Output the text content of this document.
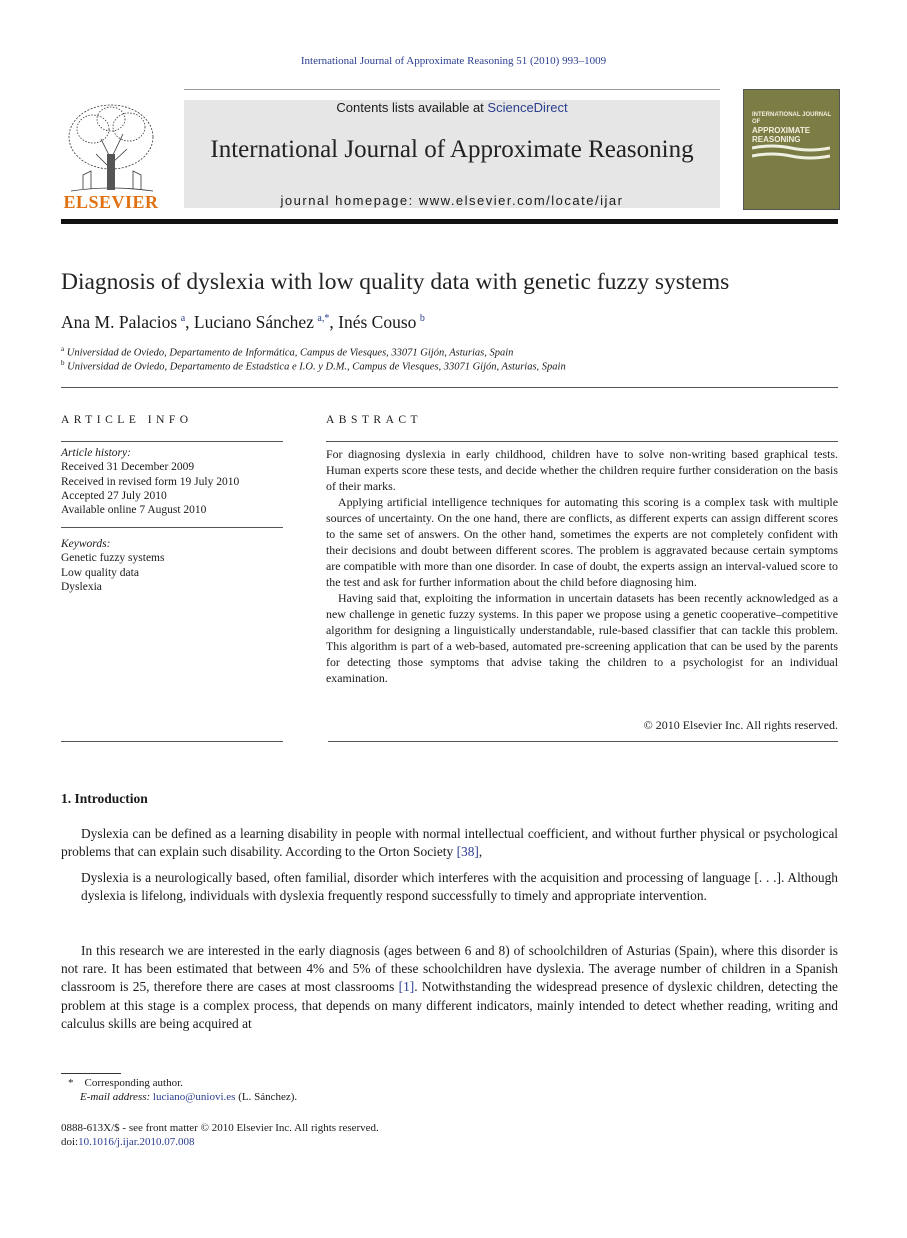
International Journal of Approximate Reasoning 51 (2010) 993–1009
ELSEVIER
Contents lists available at ScienceDirect
International Journal of Approximate Reasoning
journal homepage: www.elsevier.com/locate/ijar
INTERNATIONAL JOURNAL OF
APPROXIMATE
REASONING
Diagnosis of dyslexia with low quality data with genetic fuzzy systems
Ana M. Palacios  $^a$, Luciano Sánchez  $^{a,*}$, Inés Couso  $^b$
$^a$ Universidad de Oviedo, Departamento de Informática, Campus de Viesques, 33071 Gijón, Asturias, Spain
$^b$ Universidad de Oviedo, Departamento de Estadstica e I.O. y D.M., Campus de Viesques, 33071 Gijón, Asturias, Spain
ARTICLE INFO
Article history:
Received 31 December 2009
Received in revised form 19 July 2010
Accepted 27 July 2010
Available online 7 August 2010
Keywords:
Genetic fuzzy systems
Low quality data
Dyslexia
ABSTRACT

For diagnosing dyslexia in early childhood, children have to solve non-writing based graphical tests. Human experts score these tests, and decide whether the children require further consideration on the basis of their marks.

Applying artificial intelligence techniques for automating this scoring is a complex task with multiple sources of uncertainty. On the one hand, there are conflicts, as different experts can assign different scores to the same set of answers. On the other hand, sometimes the experts are not completely confident with their decisions and doubt between different scores. The problem is aggravated because certain symptoms are compatible with more than one disorder. In case of doubt, the experts assign an interval-valued score to the test and ask for further information about the child before diagnosing him.

Having said that, exploiting the information in uncertain datasets has been recently acknowledged as a new challenge in genetic fuzzy systems. In this paper we propose using a genetic cooperative–competitive algorithm for designing a linguistically understandable, rule-based classifier that can tackle this problem. This algorithm is part of a web-based, automated pre-screening application that can be used by the parents for detecting those symptoms that advise taking the children to a psychologist for an individual examination.

© 2010 Elsevier Inc. All rights reserved.
1. Introduction

Dyslexia can be defined as a learning disability in people with normal intellectual coefficient, and without further physical or psychological problems that can explain such disability. According to the Orton Society [38],

Dyslexia is a neurologically based, often familial, disorder which interferes with the acquisition and processing of language [. . .]. Although dyslexia is lifelong, individuals with dyslexia frequently respond successfully to timely and appropriate intervention.

In this research we are interested in the early diagnosis (ages between 6 and 8) of schoolchildren of Asturias (Spain), where this disorder is not rare. It has been estimated that between 4% and 5% of these schoolchildren have dyslexia. The average number of children in a Spanish classroom is 25, therefore there are cases at most classrooms [1]. Notwithstanding the widespread presence of dyslexic children, detecting the problem at this stage is a complex process, that depends on many different indicators, mainly intended to detect whether reading, writing and calculus skills are being acquired at

*  Corresponding author.
E-mail address: luciano@uniovi.es (L. Sánchez).
0888-613X/$ - see front matter © 2010 Elsevier Inc. All rights reserved.
doi:10.1016/j.ijar.2010.07.008
